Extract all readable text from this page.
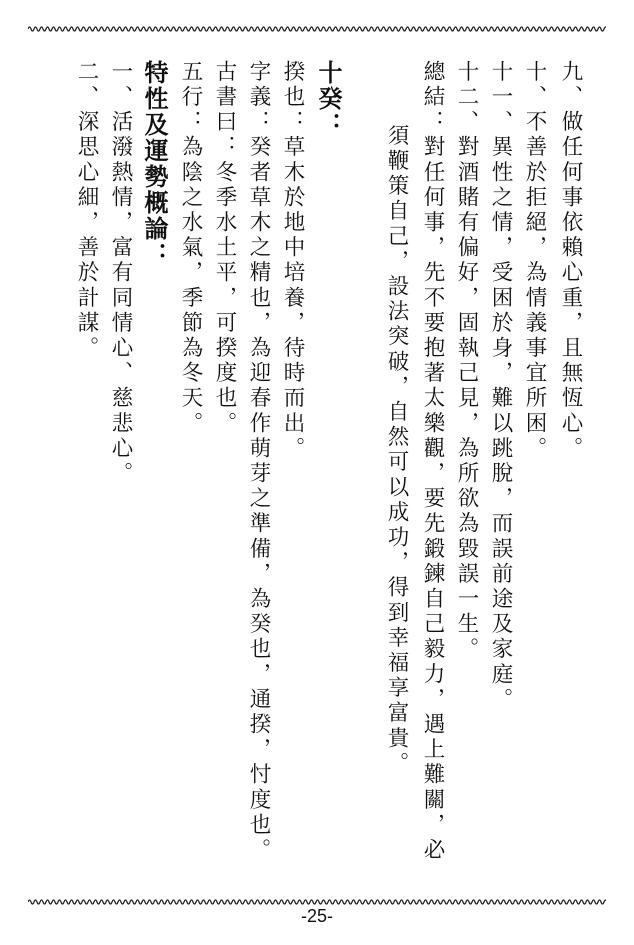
九、做任何事依賴心重，且無恆心。
十、不善於拒絕，為情義事宜所困。
十一、異性之情，受困於身，難以跳脫，而誤前途及家庭。
十二、對酒賭有偏好，固執己見，為所欲為毀誤一生。
總結：對任何事，先不要抱著太樂觀，要先鍛鍊自己毅力，遇上難關，必
須鞭策自己，設法突破，自然可以成功，得到幸福享富貴。
十癸：
揆也：草木於地中培養，待時而出。
字義：癸者草木之精也，為迎春作萌芽之準備，為癸也，通揆，忖度也。
古書曰：冬季水土平，可揆度也。
五行：為陰之水氣，季節為冬天。
特性及運勢概論：
一、活潑熱情，富有同情心、慈悲心。
二、深思心細，善於計謀。
-25-
